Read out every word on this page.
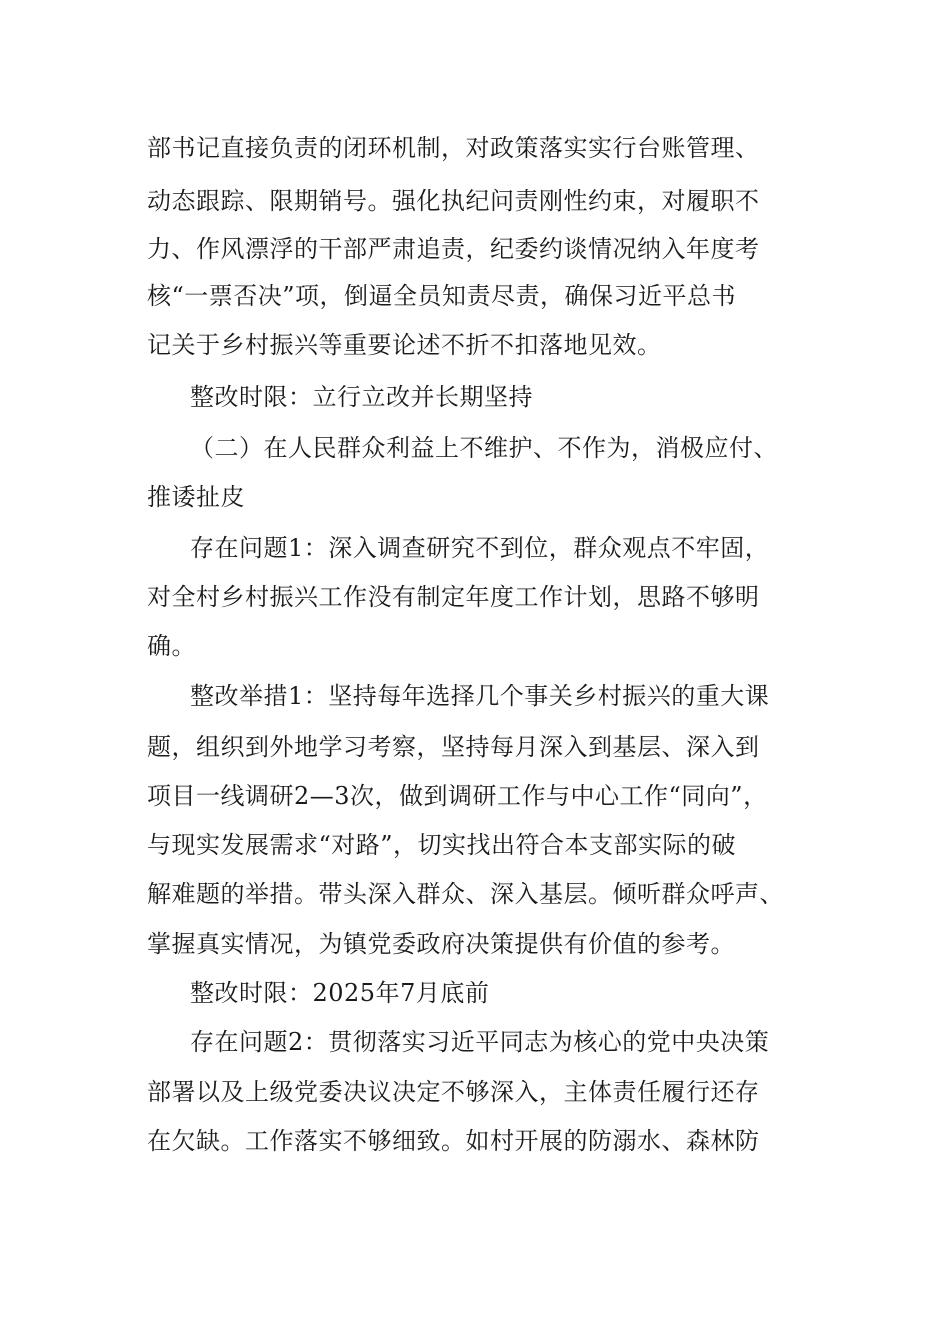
部书记直接负责的闭环机制，对政策落实实行台账管理、
动态跟踪、限期销号。强化执纪问责刚性约束，对履职不
力、作风漂浮的干部严肃追责，纪委约谈情况纳入年度考
核“一票否决”项，倒逼全员知责尽责，确保习近平总书
记关于乡村振兴等重要论述不折不扣落地见效。
整改时限：立行立改并长期坚持
（二）在人民群众利益上不维护、不作为，消极应付、
推诿扯皮
存在问题1：深入调查研究不到位，群众观点不牢固，
对全村乡村振兴工作没有制定年度工作计划，思路不够明
确。
整改举措1：坚持每年选择几个事关乡村振兴的重大课
题，组织到外地学习考察，坚持每月深入到基层、深入到
项目一线调研2—3次，做到调研工作与中心工作“同向”，
与现实发展需求“对路”，切实找出符合本支部实际的破
解难题的举措。带头深入群众、深入基层。倾听群众呼声、
掌握真实情况，为镇党委政府决策提供有价值的参考。
整改时限：2025年7月底前
存在问题2：贯彻落实习近平同志为核心的党中央决策
部署以及上级党委决议决定不够深入，主体责任履行还存
在欠缺。工作落实不够细致。如村开展的防溺水、森林防
